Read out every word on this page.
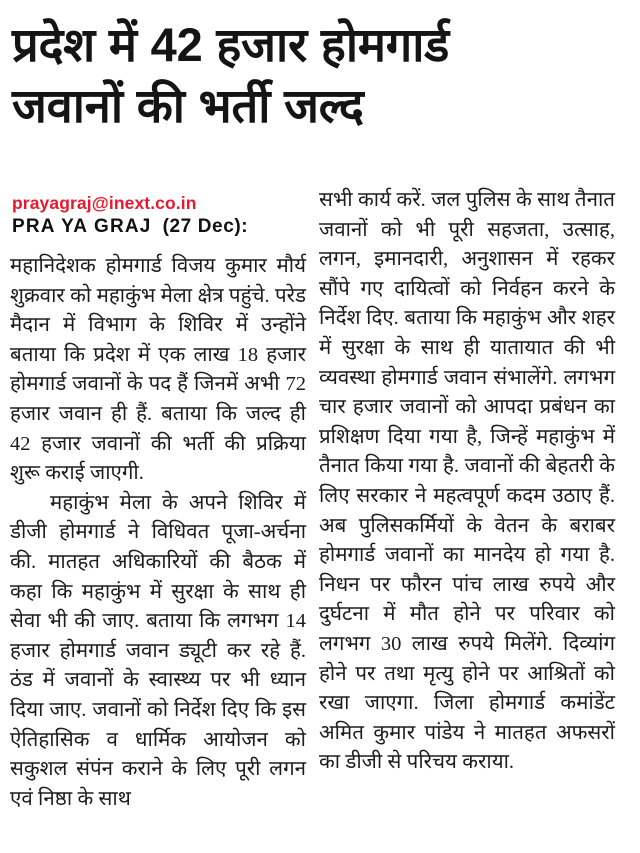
प्रदेश में 42 हजार होमगार्ड
जवानों की भर्ती जल्द
prayagraj@inext.co.in
PRA YA GRAJ (27 Dec):

महानिदेशक होमगार्ड विजय कुमार मौर्य शुक्रवार को महाकुंभ मेला क्षेत्र पहुंचे. परेड मैदान में विभाग के शिविर में उन्होंने बताया कि प्रदेश में एक लाख 18 हजार होमगार्ड जवानों के पद हैं जिनमें अभी 72 हजार जवान ही हैं. बताया कि जल्द ही 42 हजार जवानों की भर्ती की प्रक्रिया शुरू कराई जाएगी.

महाकुंभ मेला के अपने शिविर में डीजी होमगार्ड ने विधिवत पूजा-अर्चना की. मातहत अधिकारियों की बैठक में कहा कि महाकुंभ में सुरक्षा के साथ ही सेवा भी की जाए. बताया कि लगभग 14 हजार होमगार्ड जवान ड्यूटी कर रहे हैं. ठंड में जवानों के स्वास्थ्य पर भी ध्यान दिया जाए. जवानों को निर्देश दिए कि इस ऐतिहासिक व धार्मिक आयोजन को सकुशल संपंन कराने के लिए पूरी लगन एवं निष्ठा के साथ

सभी कार्य करें. जल पुलिस के साथ तैनात जवानों को भी पूरी सहजता, उत्साह, लगन, इमानदारी, अनुशासन में रहकर सौंपे गए दायित्वों को निर्वहन करने के निर्देश दिए. बताया कि महाकुंभ और शहर में सुरक्षा के साथ ही यातायात की भी व्यवस्था होमगार्ड जवान संभालेंगे. लगभग चार हजार जवानों को आपदा प्रबंधन का प्रशिक्षण दिया गया है, जिन्हें महाकुंभ में तैनात किया गया है. जवानों की बेहतरी के लिए सरकार ने महत्वपूर्ण कदम उठाए हैं. अब पुलिसकर्मियों के वेतन के बराबर होमगार्ड जवानों का मानदेय हो गया है. निधन पर फौरन पांच लाख रुपये और दुर्घटना में मौत होने पर परिवार को लगभग 30 लाख रुपये मिलेंगे. दिव्यांग होने पर तथा मृत्यु होने पर आश्रितों को रखा जाएगा. जिला होमगार्ड कमांडेंट अमित कुमार पांडेय ने मातहत अफसरों का डीजी से परिचय कराया.
